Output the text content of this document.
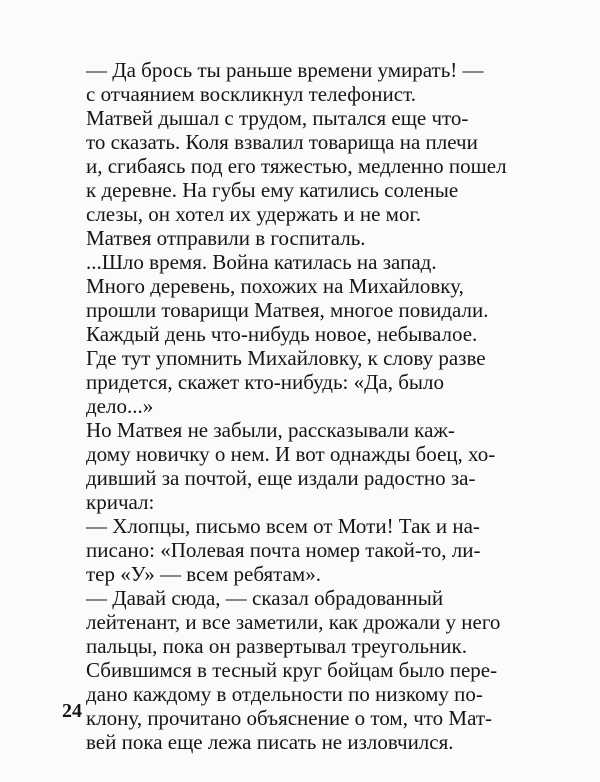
— Да брось ты раньше времени умирать! —
с отчаянием воскликнул телефонист.

Матвей дышал с трудом, пытался еще что-
то сказать. Коля взвалил товарища на плечи
и, сгибаясь под его тяжестью, медленно пошел
к деревне. На губы ему катились соленые
слезы, он хотел их удержать и не мог.

Матвея отправили в госпиталь.

...Шло время. Война катилась на запад.
Много деревень, похожих на Михайловку,
прошли товарищи Матвея, многое повидали.
Каждый день что-нибудь новое, небывалое.
Где тут упомнить Михайловку, к слову разве
придется, скажет кто-нибудь: «Да, было
дело...»

Но Матвея не забыли, рассказывали каж-
дому новичку о нем. И вот однажды боец, хо-
дивший за почтой, еще издали радостно за-
кричал:

— Хлопцы, письмо всем от Моти! Так и на-
писано: «Полевая почта номер такой-то, ли-
тер «У» — всем ребятам».

— Давай сюда, — сказал обрадованный
лейтенант, и все заметили, как дрожали у него
пальцы, пока он развертывал треугольник.
Сбившимся в тесный круг бойцам было пере-
дано каждому в отдельности по низкому по-
клону, прочитано объяснение о том, что Мат-
вей пока еще лежа писать не изловчился.

24
